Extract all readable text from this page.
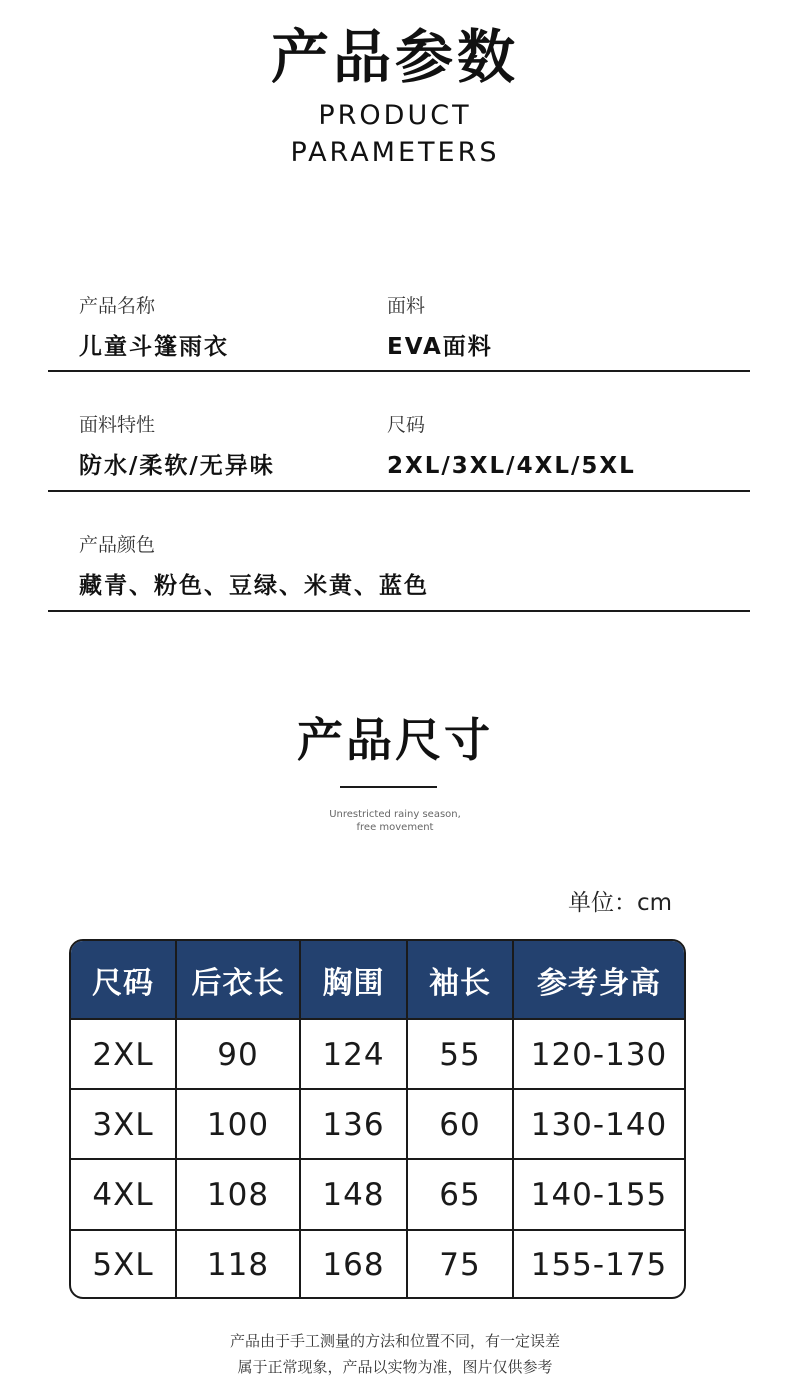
产品参数
PRODUCT
PARAMETERS
产品名称
儿童斗篷雨衣
面料
EVA面料
面料特性
防水/柔软/无异味
尺码
2XL/3XL/4XL/5XL
产品颜色
藏青、粉色、豆绿、米黄、蓝色
产品尺寸
Unrestricted rainy season,
free movement
单位：cm
尺码	后衣长	胸围	袖长	参考身高
2XL	90	124	55	120-130
3XL	100	136	60	130-140
4XL	108	148	65	140-155
5XL	118	168	75	155-175
产品由于手工测量的方法和位置不同，有一定误差
属于正常现象，产品以实物为准，图片仅供参考
